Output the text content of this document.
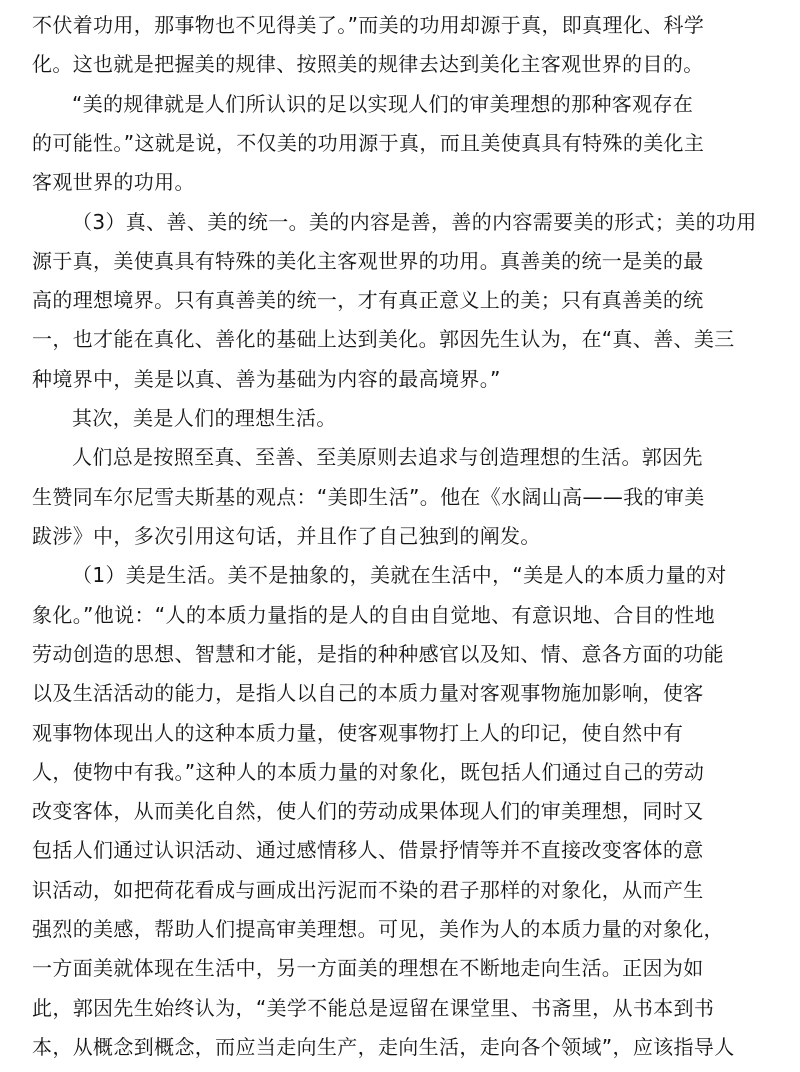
不伏着功用，那事物也不见得美了。”而美的功用却源于真，即真理化、科学
化。这也就是把握美的规律、按照美的规律去达到美化主客观世界的目的。
“美的规律就是人们所认识的足以实现人们的审美理想的那种客观存在
的可能性。”这就是说，不仅美的功用源于真，而且美使真具有特殊的美化主
客观世界的功用。
（3）真、善、美的统一。美的内容是善，善的内容需要美的形式；美的功用
源于真，美使真具有特殊的美化主客观世界的功用。真善美的统一是美的最
高的理想境界。只有真善美的统一，才有真正意义上的美；只有真善美的统
一，也才能在真化、善化的基础上达到美化。郭因先生认为，在“真、善、美三
种境界中，美是以真、善为基础为内容的最高境界。”
其次，美是人们的理想生活。
人们总是按照至真、至善、至美原则去追求与创造理想的生活。郭因先
生赞同车尔尼雪夫斯基的观点：“美即生活”。他在《水阔山高——我的审美
跋涉》中，多次引用这句话，并且作了自己独到的阐发。
（1）美是生活。美不是抽象的，美就在生活中，“美是人的本质力量的对
象化。”他说：“人的本质力量指的是人的自由自觉地、有意识地、合目的性地
劳动创造的思想、智慧和才能，是指的种种感官以及知、情、意各方面的功能
以及生活活动的能力，是指人以自己的本质力量对客观事物施加影响，使客
观事物体现出人的这种本质力量，使客观事物打上人的印记，使自然中有
人，使物中有我。”这种人的本质力量的对象化，既包括人们通过自己的劳动
改变客体，从而美化自然，使人们的劳动成果体现人们的审美理想，同时又
包括人们通过认识活动、通过感情移人、借景抒情等并不直接改变客体的意
识活动，如把荷花看成与画成出污泥而不染的君子那样的对象化，从而产生
强烈的美感，帮助人们提高审美理想。可见，美作为人的本质力量的对象化，
一方面美就体现在生活中，另一方面美的理想在不断地走向生活。正因为如
此，郭因先生始终认为，“美学不能总是逗留在课堂里、书斋里，从书本到书
本，从概念到概念，而应当走向生产，走向生活，走向各个领域”，应该指导人
